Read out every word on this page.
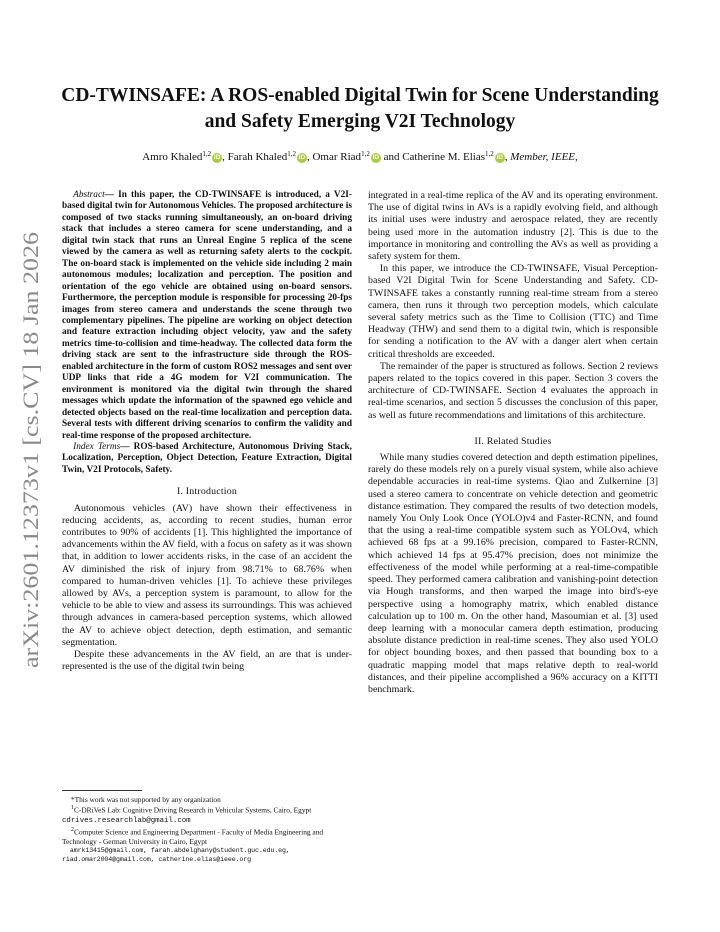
arXiv:2601.12373v1 [cs.CV] 18 Jan 2026
CD-TWINSAFE: A ROS-enabled Digital Twin for Scene Understanding and Safety Emerging V2I Technology
Amro Khaled$^{1,2}$ iD , Farah Khaled$^{1,2}$ iD , Omar Riad$^{1,2}$ iD and Catherine M. Elias$^{1,2}$ iD , Member, IEEE,

Abstract— In this paper, the CD-TWINSAFE is introduced, a V2I-based digital twin for Autonomous Vehicles. The proposed architecture is composed of two stacks running simultaneously, an on-board driving stack that includes a stereo camera for scene understanding, and a digital twin stack that runs an Unreal Engine 5 replica of the scene viewed by the camera as well as returning safety alerts to the cockpit. The on-board stack is implemented on the vehicle side including 2 main autonomous modules; localization and perception. The position and orientation of the ego vehicle are obtained using on-board sensors. Furthermore, the perception module is responsible for processing 20-fps images from stereo camera and understands the scene through two complementary pipelines. The pipeline are working on object detection and feature extraction including object velocity, yaw and the safety metrics time-to-collision and time-headway. The collected data form the driving stack are sent to the infrastructure side through the ROS-enabled architecture in the form of custom ROS2 messages and sent over UDP links that ride a 4G modem for V2I communication. The environment is monitored via the digital twin through the shared messages which update the information of the spawned ego vehicle and detected objects based on the real-time localization and perception data. Several tests with different driving scenarios to confirm the validity and real-time response of the proposed architecture.

Index Terms— ROS-based Architecture, Autonomous Driving Stack, Localization, Perception, Object Detection, Feature Extraction, Digital Twin, V2I Protocols, Safety.

I. Introduction

Autonomous vehicles (AV) have shown their effectiveness in reducing accidents, as, according to recent studies, human error contributes to 90% of accidents [1]. This highlighted the importance of advancements within the AV field, with a focus on safety as it was shown that, in addition to lower accidents risks, in the case of an accident the AV diminished the risk of injury from 98.71% to 68.76% when compared to human-driven vehicles [1]. To achieve these privileges allowed by AVs, a perception system is paramount, to allow for the vehicle to be able to view and assess its surroundings. This was achieved through advances in camera-based perception systems, which allowed the AV to achieve object detection, depth estimation, and semantic segmentation.

Despite these advancements in the AV field, an are that is under-represented is the use of the digital twin being

integrated in a real-time replica of the AV and its operating environment. The use of digital twins in AVs is a rapidly evolving field, and although its initial uses were industry and aerospace related, they are recently being used more in the automation industry [2]. This is due to the importance in monitoring and controlling the AVs as well as providing a safety system for them.

In this paper, we introduce the CD-TWINSAFE, Visual Perception-based V2I Digital Twin for Scene Understanding and Safety. CD-TWINSAFE takes a constantly running real-time stream from a stereo camera, then runs it through two perception models, which calculate several safety metrics such as the Time to Collision (TTC) and Time Headway (THW) and send them to a digital twin, which is responsible for sending a notification to the AV with a danger alert when certain critical thresholds are exceeded.

The remainder of the paper is structured as follows. Section 2 reviews papers related to the topics covered in this paper. Section 3 covers the architecture of CD-TWINSAFE. Section 4 evaluates the approach in real-time scenarios, and section 5 discusses the conclusion of this paper, as well as future recommendations and limitations of this architecture.

II. Related Studies

While many studies covered detection and depth estimation pipelines, rarely do these models rely on a purely visual system, while also achieve dependable accuracies in real-time systems. Qiao and Zulkernine [3] used a stereo camera to concentrate on vehicle detection and geometric distance estimation. They compared the results of two detection models, namely You Only Look Once (YOLO)v4 and Faster-RCNN, and found that the using a real-time compatible system such as YOLOv4, which achieved 68 fps at a 99.16% precision, compared to Faster-RCNN, which achieved 14 fps at 95.47% precision, does not minimize the effectiveness of the model while performing at a real-time-compatible speed. They performed camera calibration and vanishing-point detection via Hough transforms, and then warped the image into bird's-eye perspective using a homography matrix, which enabled distance calculation up to 100 m. On the other hand, Masoumian et al. [3] used deep learning with a monocular camera depth estimation, producing absolute distance prediction in real-time scenes. They also used YOLO for object bounding boxes, and then passed that bounding box to a quadratic mapping model that maps relative depth to real-world distances, and their pipeline accomplished a 96% accuracy on a KITTI benchmark.

*This work was not supported by any organization

$^1$C-DRiVeS Lab: Cognitive Driving Research in Vehicular Systems, Cairo, Egypt cdrives.researchlab@gmail.com

$^2$Computer Science and Engineering Department - Faculty of Media Engineering and Technology - German University in Cairo, Egypt

amrk13415@gmail.com, farah.abdelghany@student.guc.edu.eg, riad.omar2004@gmail.com, catherine.elias@ieee.org
